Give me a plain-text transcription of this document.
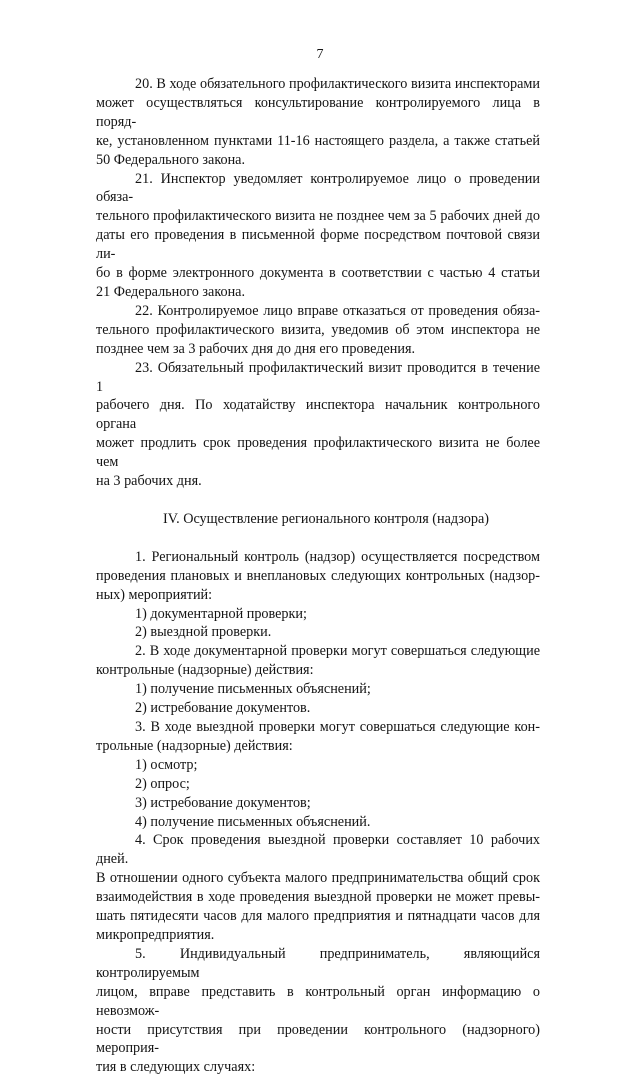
7

20. В ходе обязательного профилактического визита инспекторами

может осуществляться консультирование контролируемого лица в поряд-

ке, установленном пунктами 11-16 настоящего раздела, а также статьей

50 Федерального закона.

21. Инспектор уведомляет контролируемое лицо о проведении обяза-

тельного профилактического визита не позднее чем за 5 рабочих дней до

даты его проведения в письменной форме посредством почтовой связи ли-

бо в форме электронного документа в соответствии с частью 4 статьи

21 Федерального закона.

22. Контролируемое лицо вправе отказаться от проведения обяза-

тельного профилактического визита, уведомив об этом инспектора не

позднее чем за 3 рабочих дня до дня его проведения.

23. Обязательный профилактический визит проводится в течение 1

рабочего дня. По ходатайству инспектора начальник контрольного органа

может продлить срок проведения профилактического визита не более чем

на 3 рабочих дня.

IV. Осуществление регионального контроля (надзора)

1. Региональный контроль (надзор) осуществляется посредством

проведения плановых и внеплановых следующих контрольных (надзор-

ных) мероприятий:

1) документарной проверки;

2) выездной проверки.

2. В ходе документарной проверки могут совершаться следующие

контрольные (надзорные) действия:

1) получение письменных объяснений;

2) истребование документов.

3. В ходе выездной проверки могут совершаться следующие кон-

трольные (надзорные) действия:

1) осмотр;

2) опрос;

3) истребование документов;

4) получение письменных объяснений.

4. Срок проведения выездной проверки составляет 10 рабочих дней.

В отношении одного субъекта малого предпринимательства общий срок

взаимодействия в ходе проведения выездной проверки не может превы-

шать пятидесяти часов для малого предприятия и пятнадцати часов для

микропредприятия.

5. Индивидуальный предприниматель, являющийся контролируемым

лицом, вправе представить в контрольный орган информацию о невозмож-

ности присутствия при проведении контрольного (надзорного) мероприя-

тия в следующих случаях:
